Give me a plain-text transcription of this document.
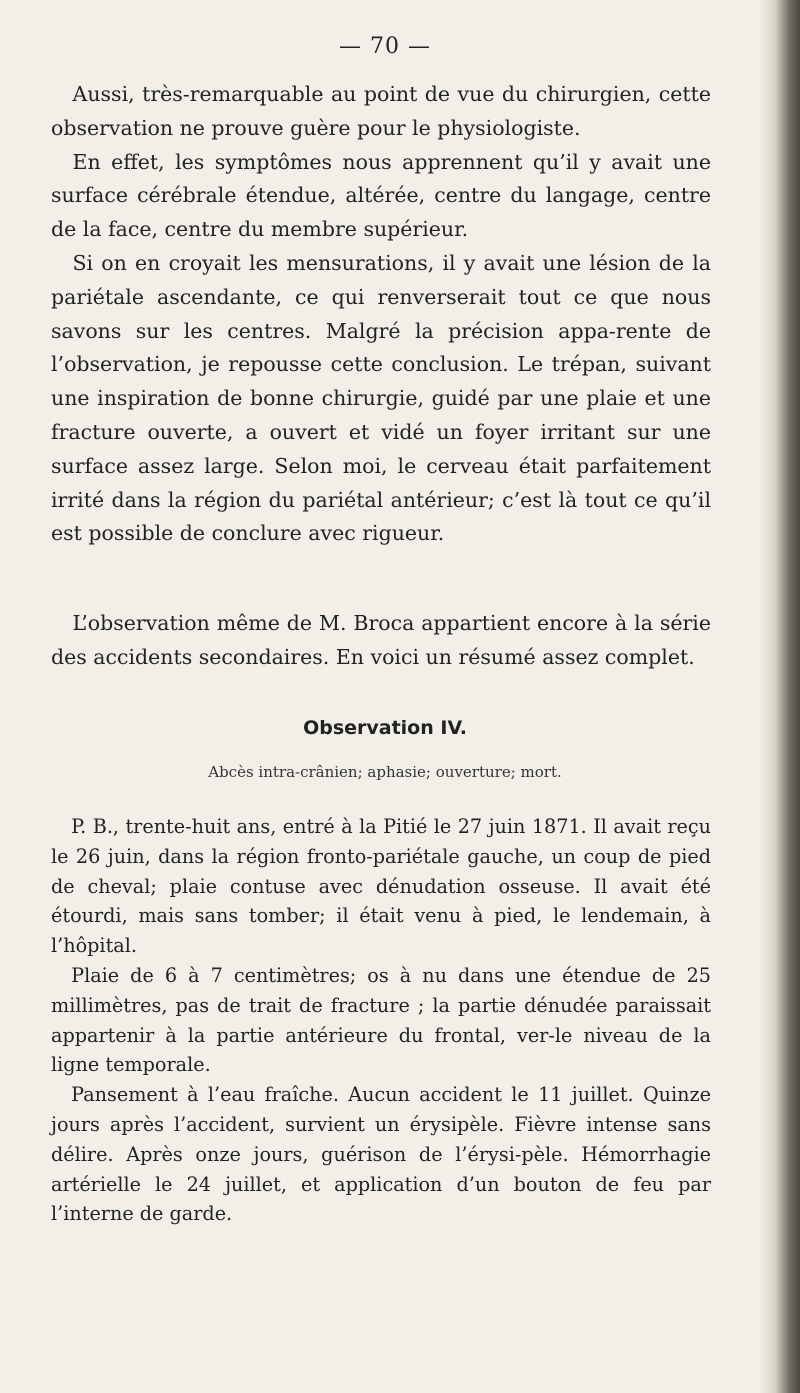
— 70 —

Aussi, très-remarquable au point de vue du chirurgien, cette observation ne prouve guère pour le physiologiste.

En effet, les symptômes nous apprennent qu’il y avait une surface cérébrale étendue, altérée, centre du langage, centre de la face, centre du membre supérieur.

Si on en croyait les mensurations, il y avait une lésion de la pariétale ascendante, ce qui renverserait tout ce que nous savons sur les centres. Malgré la précision appa-rente de l’observation, je repousse cette conclusion. Le trépan, suivant une inspiration de bonne chirurgie, guidé par une plaie et une fracture ouverte, a ouvert et vidé un foyer irritant sur une surface assez large. Selon moi, le cerveau était parfaitement irrité dans la région du pariétal antérieur; c’est là tout ce qu’il est possible de conclure avec rigueur.

L’observation même de M. Broca appartient encore à la série des accidents secondaires. En voici un résumé assez complet.

Observation IV.
Abcès intra-crânien; aphasie; ouverture; mort.

P. B., trente-huit ans, entré à la Pitié le 27 juin 1871. Il avait reçu le 26 juin, dans la région fronto-pariétale gauche, un coup de pied de cheval; plaie contuse avec dénudation osseuse. Il avait été étourdi, mais sans tomber; il était venu à pied, le lendemain, à l’hôpital.

Plaie de 6 à 7 centimètres; os à nu dans une étendue de 25 millimètres, pas de trait de fracture ; la partie dénudée paraissait appartenir à la partie antérieure du frontal, ver-le niveau de la ligne temporale.

Pansement à l’eau fraîche. Aucun accident le 11 juillet. Quinze jours après l’accident, survient un érysipèle. Fièvre intense sans délire. Après onze jours, guérison de l’érysi-pèle. Hémorrhagie artérielle le 24 juillet, et application d’un bouton de feu par l’interne de garde.
